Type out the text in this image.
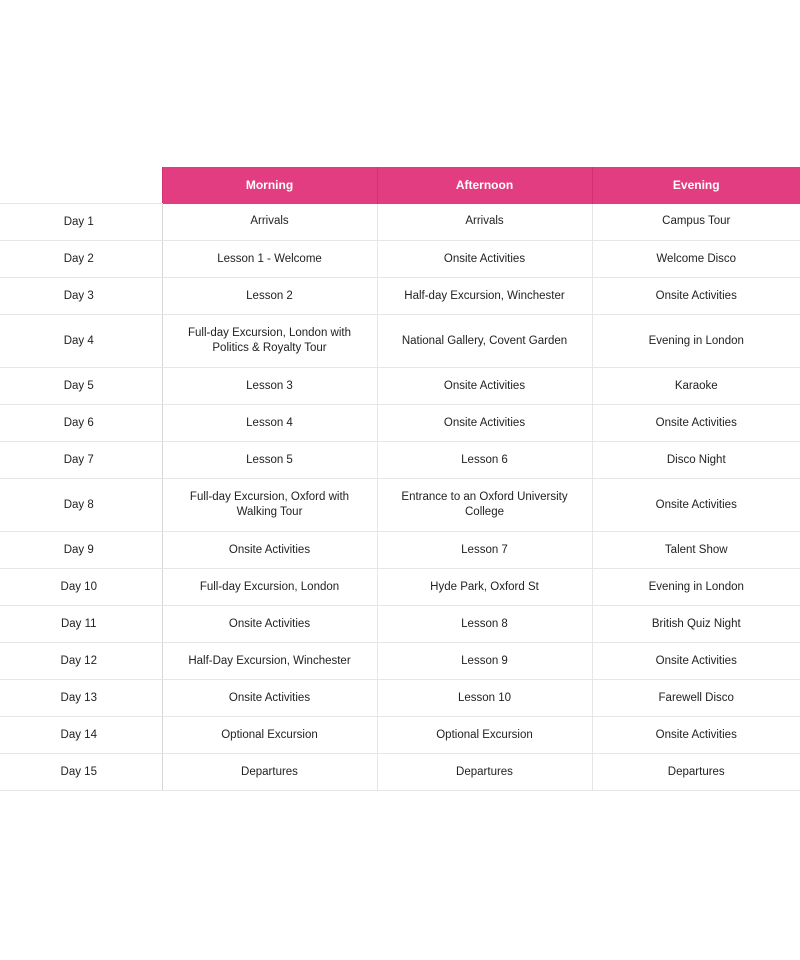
	Morning	Afternoon	Evening
Day 1	Arrivals	Arrivals	Campus Tour
Day 2	Lesson 1 - Welcome	Onsite Activities	Welcome Disco
Day 3	Lesson 2	Half-day Excursion, Winchester	Onsite Activities
Day 4	Full-day Excursion, London with Politics & Royalty Tour	National Gallery, Covent Garden	Evening in London
Day 5	Lesson 3	Onsite Activities	Karaoke
Day 6	Lesson 4	Onsite Activities	Onsite Activities
Day 7	Lesson 5	Lesson 6	Disco Night
Day 8	Full-day Excursion, Oxford with Walking Tour	Entrance to an Oxford University College	Onsite Activities
Day 9	Onsite Activities	Lesson 7	Talent Show
Day 10	Full-day Excursion, London	Hyde Park, Oxford St	Evening in London
Day 11	Onsite Activities	Lesson 8	British Quiz Night
Day 12	Half-Day Excursion, Winchester	Lesson 9	Onsite Activities
Day 13	Onsite Activities	Lesson 10	Farewell Disco
Day 14	Optional Excursion	Optional Excursion	Onsite Activities
Day 15	Departures	Departures	Departures
